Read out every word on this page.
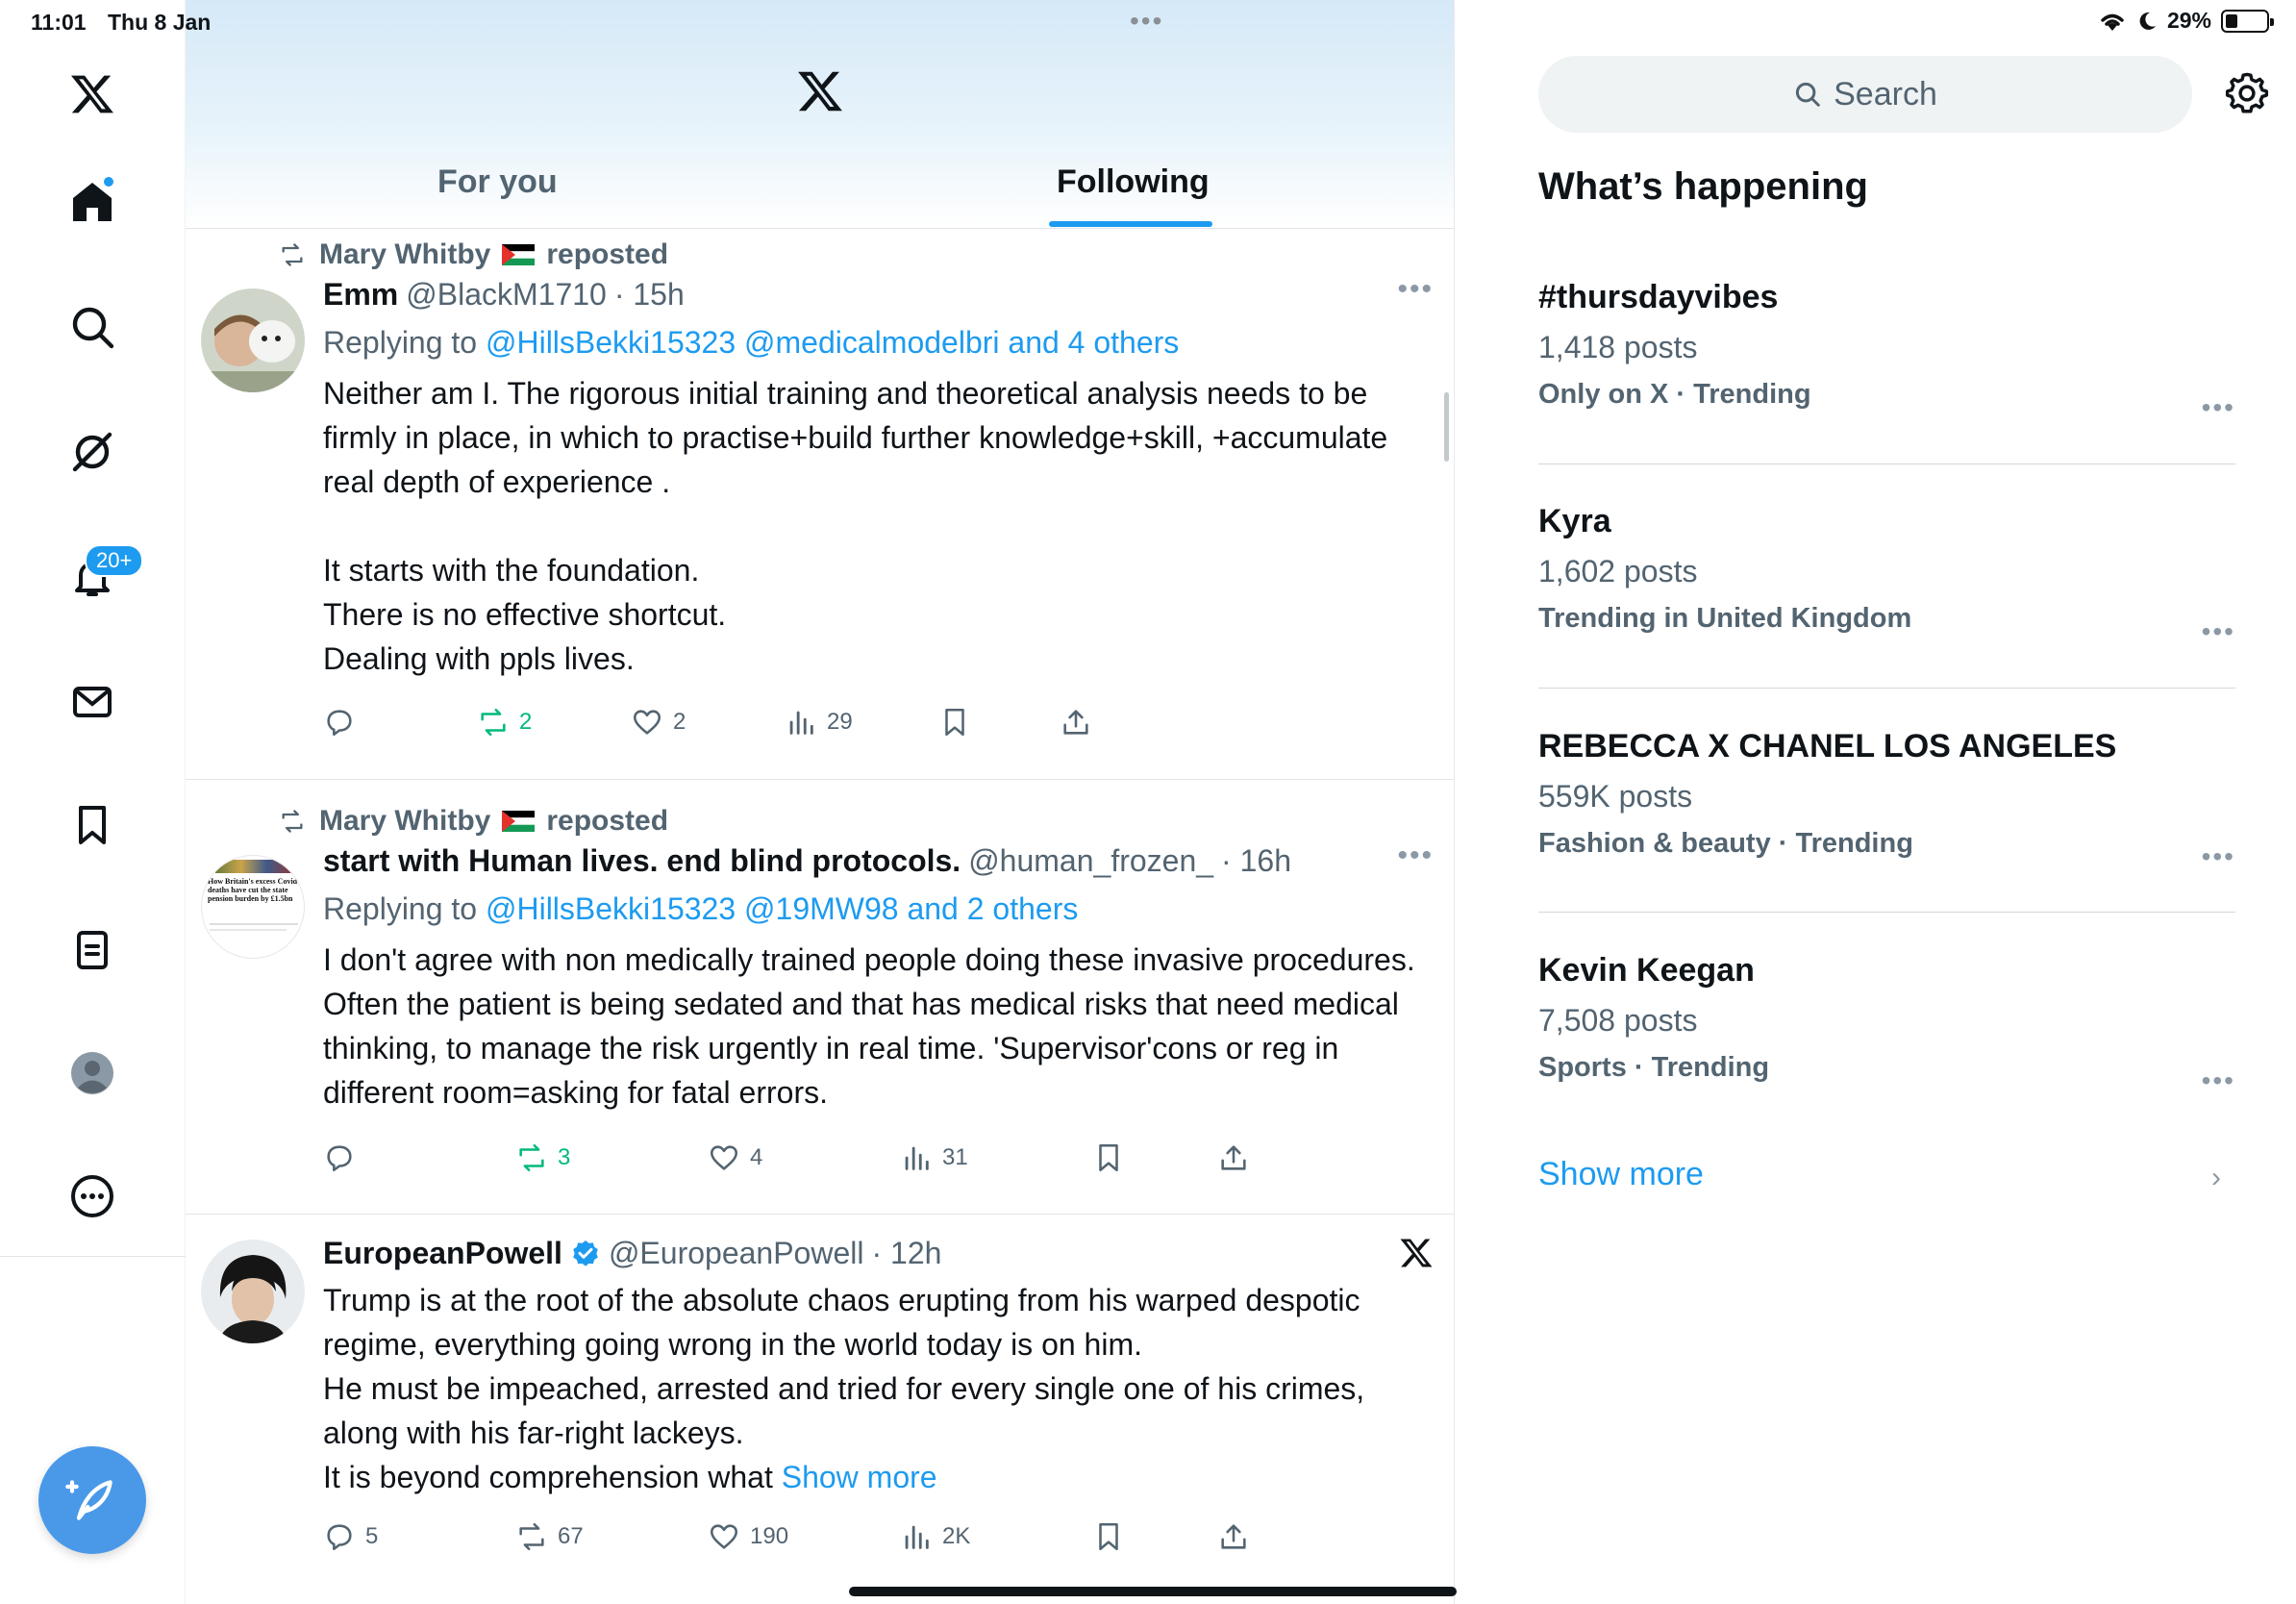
11:01 Thu 8 Jan	•••	29%
20+
For you	Following
Mary Whitby reposted
Emm @BlackM1710 · 15h	•••
Replying to @HillsBekki15323 @medicalmodelbri and 4 others
Neither am I. The rigorous initial training and theoretical analysis needs to be firmly in place, in which to practise+build further knowledge+skill, +accumulate real depth of experience .

It starts with the foundation.
There is no effective shortcut.
Dealing with ppls lives.
2	2	29
Mary Whitby reposted
How Britain's excess Covid deaths have cut the state pension burden by £1.5bn
start with Human lives. end blind protocols. @human_frozen_ · 16h	•••
Replying to @HillsBekki15323 @19MW98 and 2 others
I don't agree with non medically trained people doing these invasive procedures. Often the patient is being sedated and that has medical risks that need medical thinking, to manage the risk urgently in real time. 'Supervisor'cons or reg in different room=asking for fatal errors.
3	4	31
EuropeanPowell @EuropeanPowell · 12h
Trump is at the root of the absolute chaos erupting from his warped despotic regime, everything going wrong in the world today is on him.
He must be impeached, arrested and tried for every single one of his crimes, along with his far-right lackeys.
It is beyond comprehension what Show more
5	67	190	2K
Search
What’s happening
#thursdayvibes
1,418 posts
Only on X · Trending	•••
Kyra
1,602 posts
Trending in United Kingdom	•••
REBECCA X CHANEL LOS ANGELES
559K posts
Fashion & beauty · Trending	•••
Kevin Keegan
7,508 posts
Sports · Trending	•••
Show more	›
